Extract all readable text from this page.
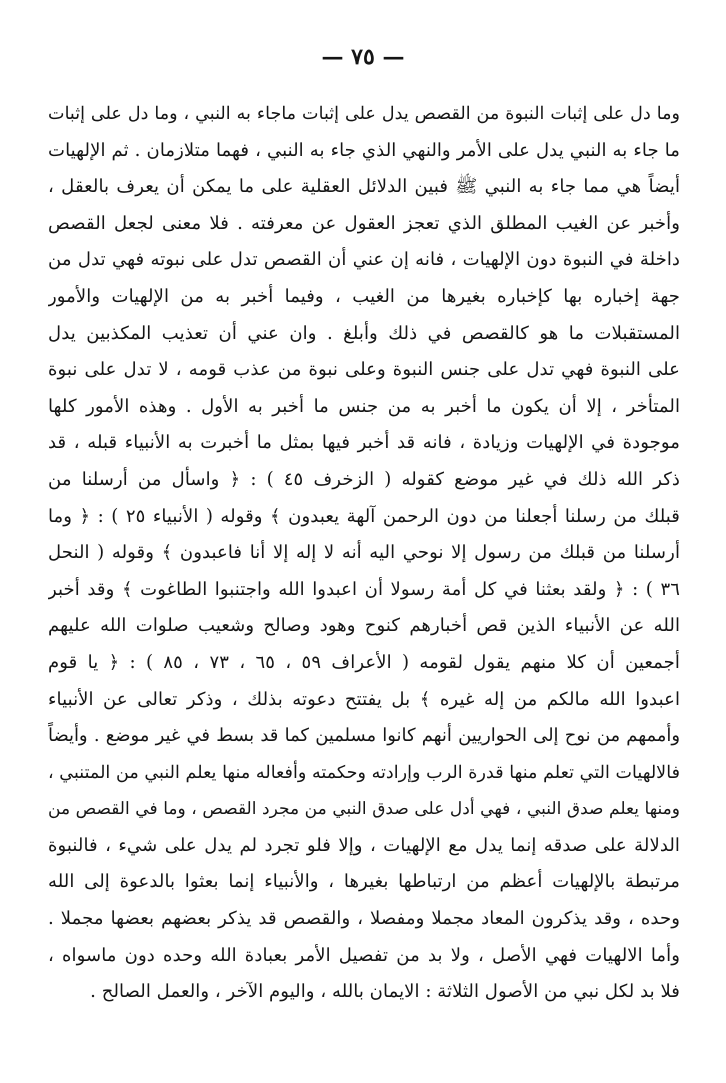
— ٧٥ —
وما دل على إثبات النبوة من القصص يدل على إثبات ماجاء به النبي ، وما دل على إثبات
ما جاء به النبي يدل على الأمر والنهي الذي جاء به النبي ، فهما متلازمان . ثم الإلهيات
أيضاً هي مما جاء به النبي ﷺ فبين الدلائل العقلية على ما يمكن أن يعرف بالعقل ،
وأخبر عن الغيب المطلق الذي تعجز العقول عن معرفته . فلا معنى لجعل القصص
داخلة في النبوة دون الإلهيات ، فانه إن عني أن القصص تدل على نبوته فهي تدل من
جهة إخباره بها كإخباره بغيرها من الغيب ، وفيما أخبر به من الإلهيات والأمور
المستقبلات ما هو كالقصص في ذلك وأبلغ . وان عني أن تعذيب المكذبين يدل
على النبوة فهي تدل على جنس النبوة وعلى نبوة من عذب قومه ، لا تدل على نبوة
المتأخر ، إلا أن يكون ما أخبر به من جنس ما أخبر به الأول . وهذه الأمور كلها
موجودة في الإلهيات وزيادة ، فانه قد أخبر فيها بمثل ما أخبرت به الأنبياء قبله ، قد
ذكر الله ذلك في غير موضع كقوله ( الزخرف ٤٥ ) : ﴿ واسأل من أرسلنا من
قبلك من رسلنا أجعلنا من دون الرحمن آلهة يعبدون ﴾ وقوله ( الأنبياء ٢٥ ) : ﴿ وما
أرسلنا من قبلك من رسول إلا نوحي اليه أنه لا إله إلا أنا فاعبدون ﴾ وقوله ( النحل
٣٦ ) : ﴿ ولقد بعثنا في كل أمة رسولا أن اعبدوا الله واجتنبوا الطاغوت ﴾ وقد أخبر
الله عن الأنبياء الذين قص أخبارهم كنوح وهود وصالح وشعيب صلوات الله عليهم
أجمعين أن كلا منهم يقول لقومه ( الأعراف ٥٩ ، ٦٥ ، ٧٣ ، ٨٥ ) : ﴿ يا قوم
اعبدوا الله مالكم من إله غيره ﴾ بل يفتتح دعوته بذلك ، وذكر تعالى عن الأنبياء
وأممهم من نوح إلى الحواريين أنهم كانوا مسلمين كما قد بسط في غير موضع . وأيضاً
فالالهيات التي تعلم منها قدرة الرب وإرادته وحكمته وأفعاله منها يعلم النبي من المتنبي ،
ومنها يعلم صدق النبي ، فهي أدل على صدق النبي من مجرد القصص ، وما في القصص من
الدلالة على صدقه إنما يدل مع الإلهيات ، وإلا فلو تجرد لم يدل على شيء ، فالنبوة
مرتبطة بالإلهيات أعظم من ارتباطها بغيرها ، والأنبياء إنما بعثوا بالدعوة إلى الله
وحده ، وقد يذكرون المعاد مجملا ومفصلا ، والقصص قد يذكر بعضهم بعضها مجملا .
وأما الالهيات فهي الأصل ، ولا بد من تفصيل الأمر بعبادة الله وحده دون ماسواه ،
فلا بد لكل نبي من الأصول الثلاثة : الايمان بالله ، واليوم الآخر ، والعمل الصالح .
